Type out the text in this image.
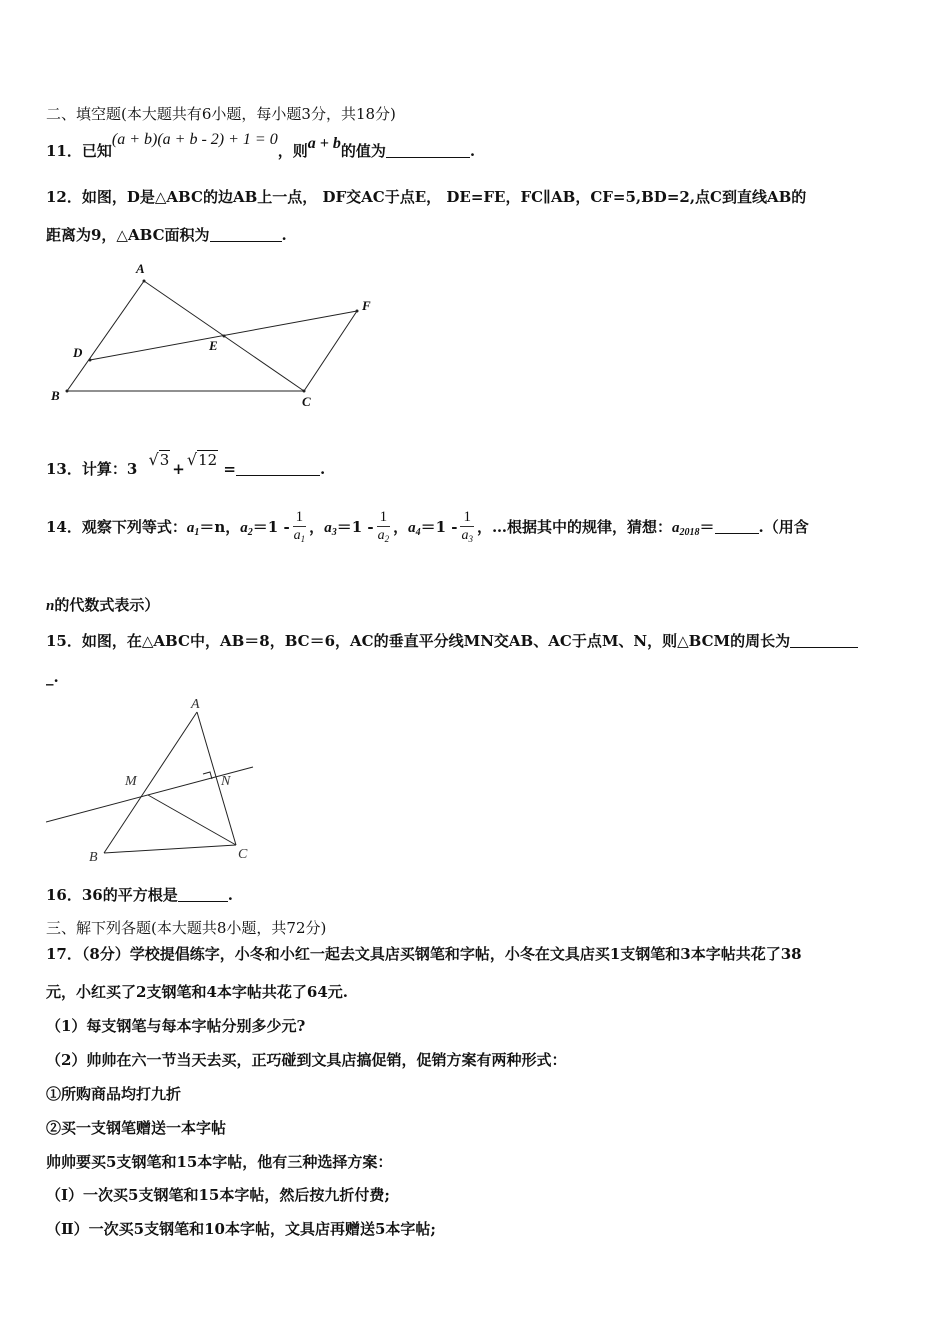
二、填空题(本大题共有6小题，每小题3分，共18分)
11．已知(a + b)(a + b - 2) + 1 = 0，则a + b的值为	.
12．如图，D是△ABC的边AB上一点， DF交AC于点E， DE=FE，FC∥AB，CF=5,BD=2,点C到直线AB的
距离为9，△ABC面积为	.
A
B	C
D	E
F
13．计算：3 √3 + √12 =	.
14．观察下列等式：$a_1=n$，$a_2=1 - \frac{1}{a_1}$ ，$a_3=1 - \frac{1}{a_2}$ ，$a_4=1 - \frac{1}{a_3}$ ，…根据其中的规律，猜想：$a_{2018}=$	.（用含
n的代数式表示）
15．如图，在△ABC中，AB＝8，BC＝6，AC的垂直平分线MN交AB、AC于点M、N，则△BCM的周长为
_.
A
B	C
M	N
16．36的平方根是	.
三、解下列各题(本大题共8小题，共72分)
17．（8分）学校提倡练字，小冬和小红一起去文具店买钢笔和字帖，小冬在文具店买1支钢笔和3本字帖共花了38
元，小红买了2支钢笔和4本字帖共花了64元.
（1）每支钢笔与每本字帖分别多少元?
（2）帅帅在六一节当天去买，正巧碰到文具店搞促销，促销方案有两种形式：
①所购商品均打九折
②买一支钢笔赠送一本字帖
帅帅要买5支钢笔和15本字帖，他有三种选择方案：
（Ⅰ）一次买5支钢笔和15本字帖，然后按九折付费;
（Ⅱ）一次买5支钢笔和10本字帖，文具店再赠送5本字帖;
